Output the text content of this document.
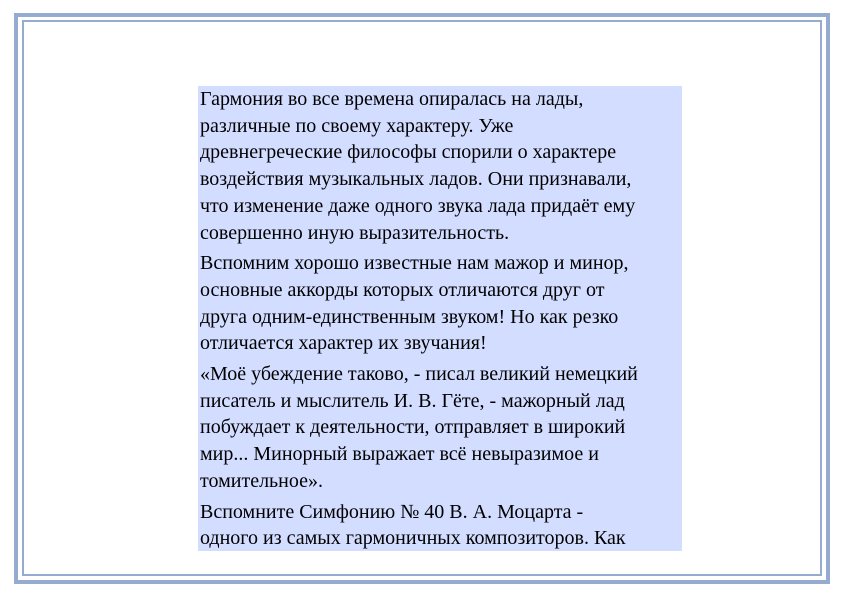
Гармония во все времена опиралась на лады,
различные по своему характеру. Уже
древнегреческие философы спорили о характере
воздействия музыкальных ладов. Они признавали,
что изменение даже одного звука лада придаёт ему
совершенно иную выразительность.

Вспомним хорошо известные нам мажор и минор,
основные аккорды которых отличаются друг от
друга одним-единственным звуком! Но как резко
отличается характер их звучания!

«Моё убеждение таково, - писал великий немецкий
писатель и мыслитель И. В. Гёте, - мажорный лад
побуждает к деятельности, отправляет в широкий
мир... Минорный выражает всё невыразимое и
томительное».

Вспомните Симфонию № 40 В. А. Моцарта -
одного из самых гармоничных композиторов. Как
